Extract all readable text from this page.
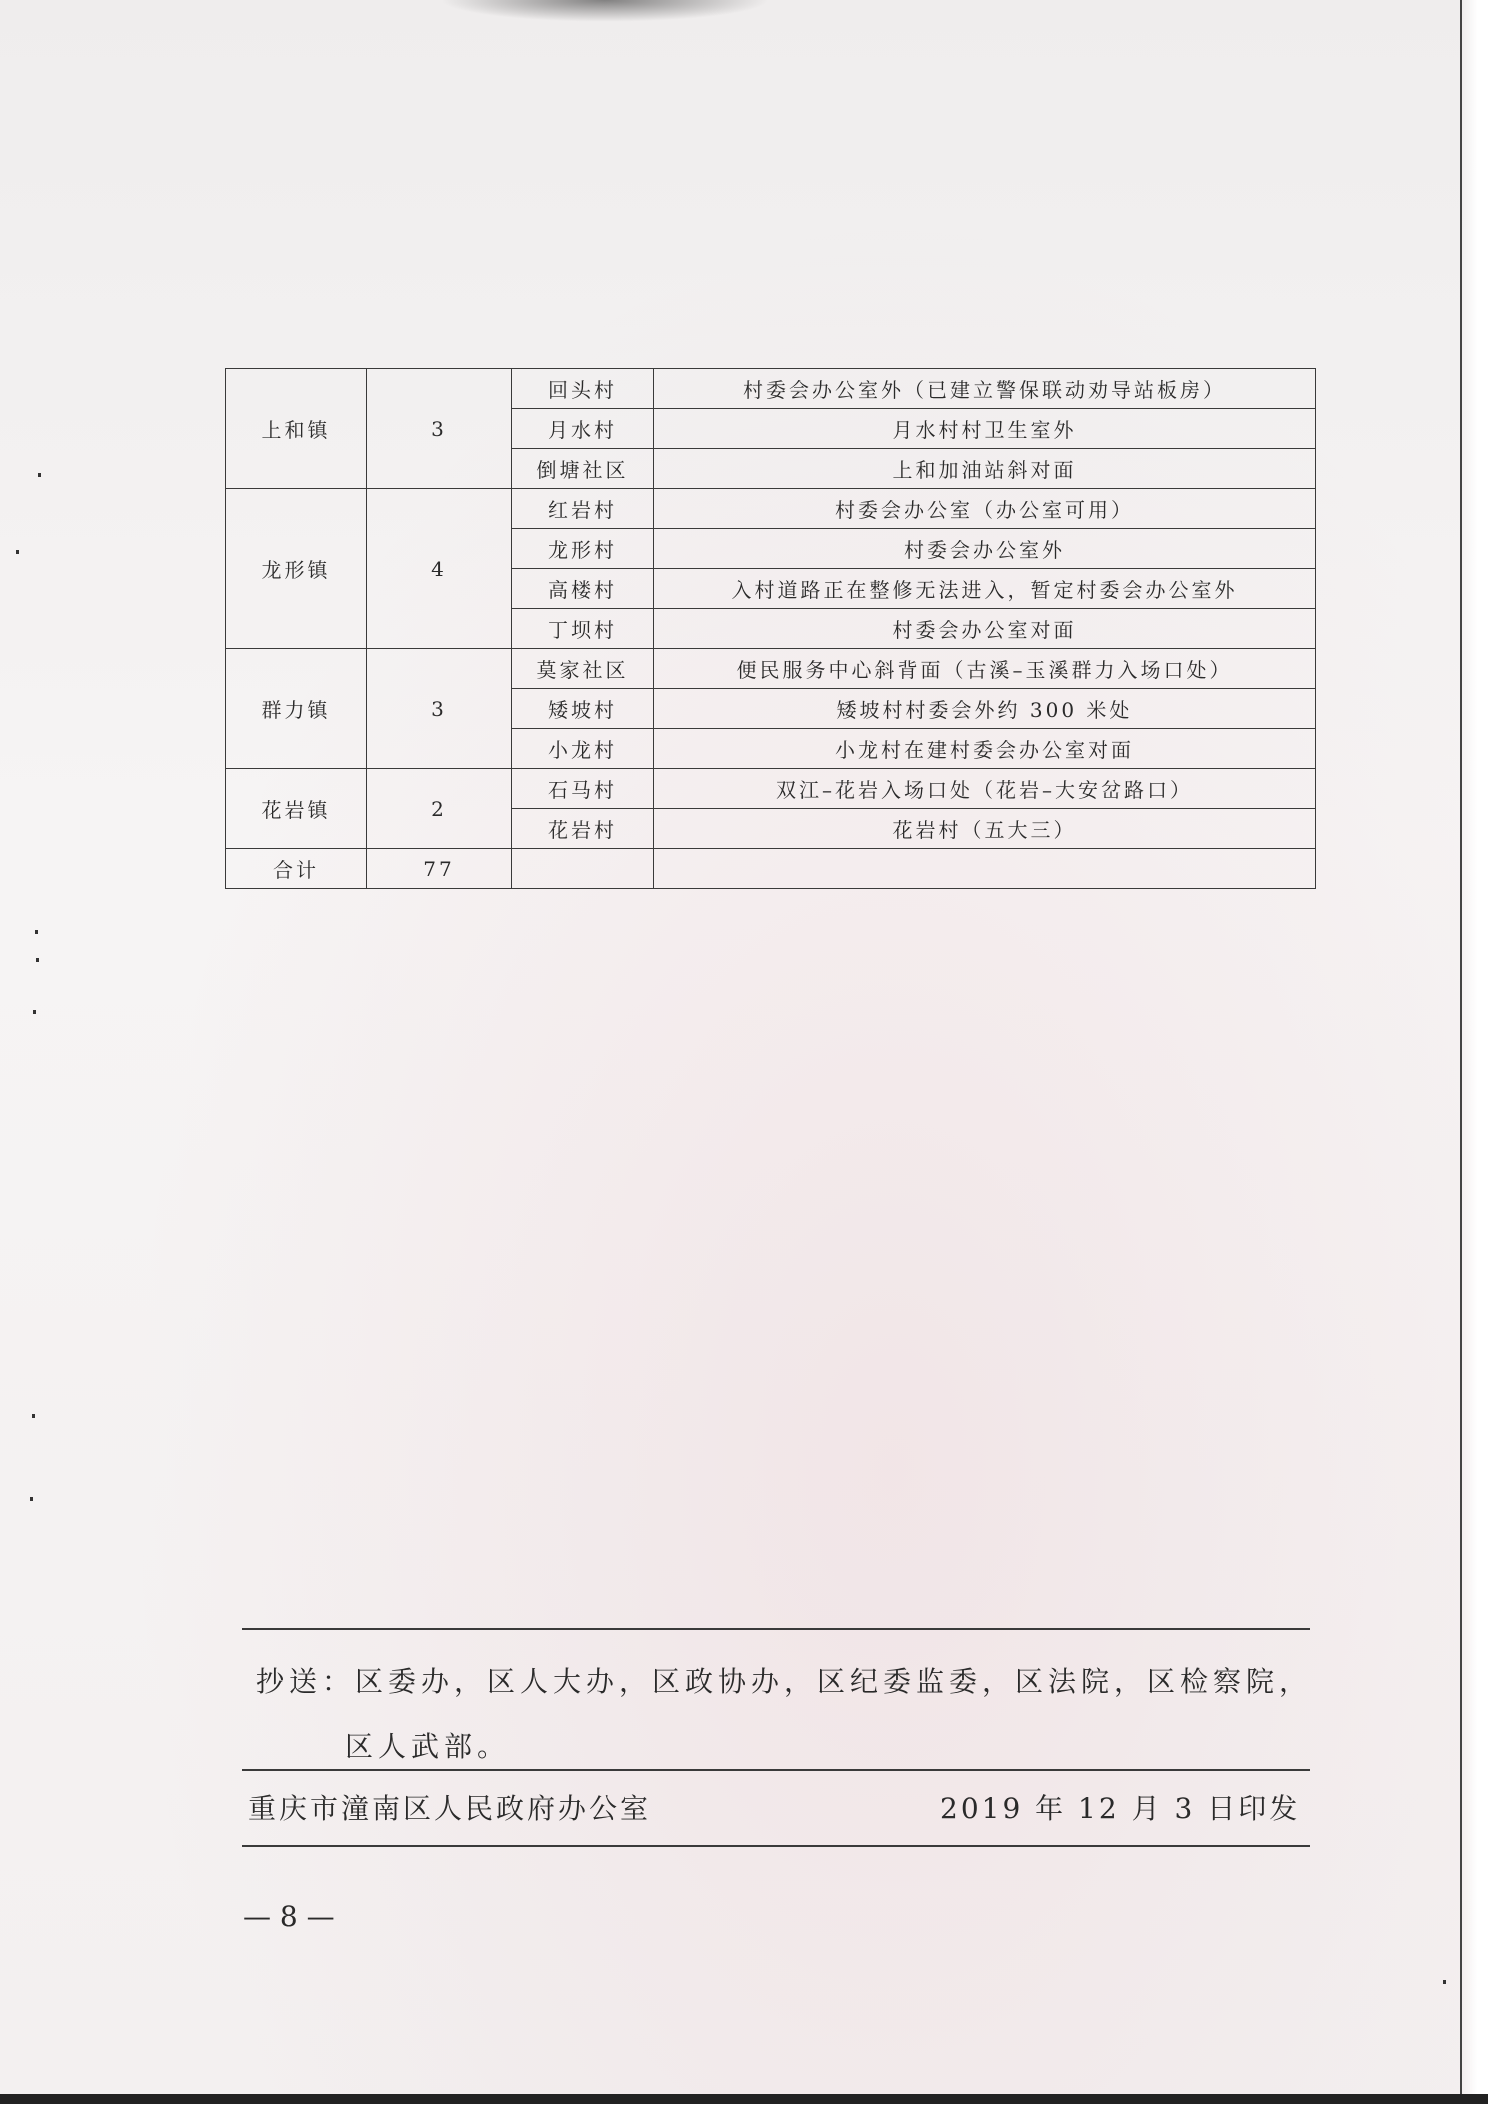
上和镇	3	回头村	村委会办公室外（已建立警保联动劝导站板房）
		月水村	月水村村卫生室外
		倒塘社区	上和加油站斜对面
龙形镇	4	红岩村	村委会办公室（办公室可用）
		龙形村	村委会办公室外
		高楼村	入村道路正在整修无法进入，暂定村委会办公室外
		丁坝村	村委会办公室对面
群力镇	3	莫家社区	便民服务中心斜背面（古溪–玉溪群力入场口处）
		矮坡村	矮坡村村委会外约 300 米处
		小龙村	小龙村在建村委会办公室对面
花岩镇	2	石马村	双江–花岩入场口处（花岩–大安岔路口）
		花岩村	花岩村（五大三）
合计	77		
抄送：区委办，区人大办，区政协办，区纪委监委，区法院，区检察院，
区人武部。
重庆市潼南区人民政府办公室	2019 年 12 月 3 日印发
— 8 —
